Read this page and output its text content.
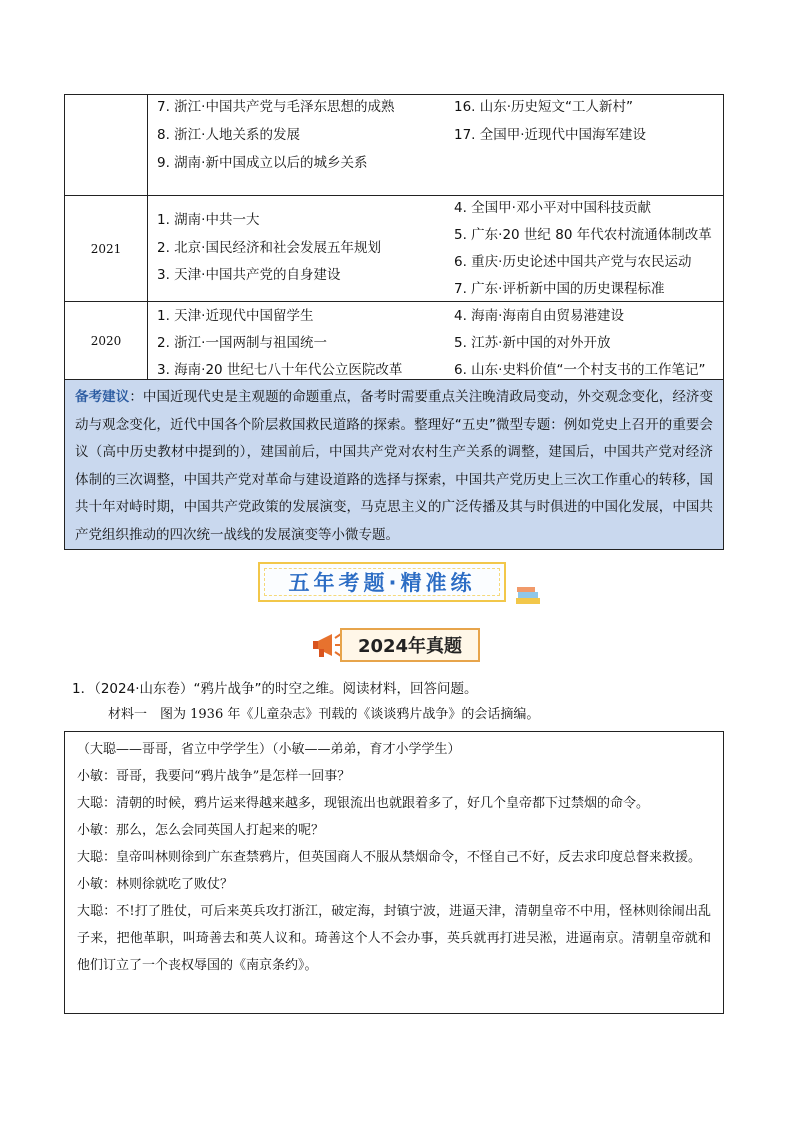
7. 浙江·中国共产党与毛泽东思想的成熟
8. 浙江·人地关系的发展
9. 湖南·新中国成立以后的城乡关系
16. 山东·历史短文“工人新村”
17. 全国甲·近现代中国海军建设
2021
1. 湖南·中共一大
2. 北京·国民经济和社会发展五年规划
3. 天津·中国共产党的自身建设
4. 全国甲·邓小平对中国科技贡献
5. 广东·20 世纪 80 年代农村流通体制改革
6. 重庆·历史论述中国共产党与农民运动
7. 广东·评析新中国的历史课程标准
2020
1. 天津·近现代中国留学生
2. 浙江·一国两制与祖国统一
3. 海南·20 世纪七八十年代公立医院改革
4. 海南·海南自由贸易港建设
5. 江苏·新中国的对外开放
6. 山东·史料价值“一个村支书的工作笔记”
备考建议：中国近现代史是主观题的命题重点，备考时需要重点关注晚清政局变动，外交观念变化，经济变动与观念变化，近代中国各个阶层救国救民道路的探索。整理好“五史”微型专题：例如党史上召开的重要会议（高中历史教材中提到的），建国前后，中国共产党对农村生产关系的调整，建国后，中国共产党对经济体制的三次调整，中国共产党对革命与建设道路的选择与探索，中国共产党历史上三次工作重心的转移，国共十年对峙时期，中国共产党政策的发展演变，马克思主义的广泛传播及其与时俱进的中国化发展，中国共产党组织推动的四次统一战线的发展演变等小微专题。
五年考题·精准练
2024年真题
1．（2024·山东卷）“鸦片战争”的时空之维。阅读材料，回答问题。
材料一　图为 1936 年《儿童杂志》刊载的《谈谈鸦片战争》的会话摘编。
（大聪——哥哥，省立中学学生）（小敏——弟弟，育才小学学生）
小敏：哥哥，我要问“鸦片战争”是怎样一回事？
大聪：清朝的时候，鸦片运来得越来越多，现银流出也就跟着多了，好几个皇帝都下过禁烟的命令。
小敏：那么，怎么会同英国人打起来的呢？
大聪：皇帝叫林则徐到广东查禁鸦片，但英国商人不服从禁烟命令，不怪自己不好，反去求印度总督来救援。
小敏：林则徐就吃了败仗？
大聪：不!打了胜仗，可后来英兵攻打浙江，破定海，封镇宁波，进逼天津，清朝皇帝不中用，怪林则徐闹出乱子来，把他革职，叫琦善去和英人议和。琦善这个人不会办事，英兵就再打进吴淞，进逼南京。清朝皇帝就和他们订立了一个丧权辱国的《南京条约》。
